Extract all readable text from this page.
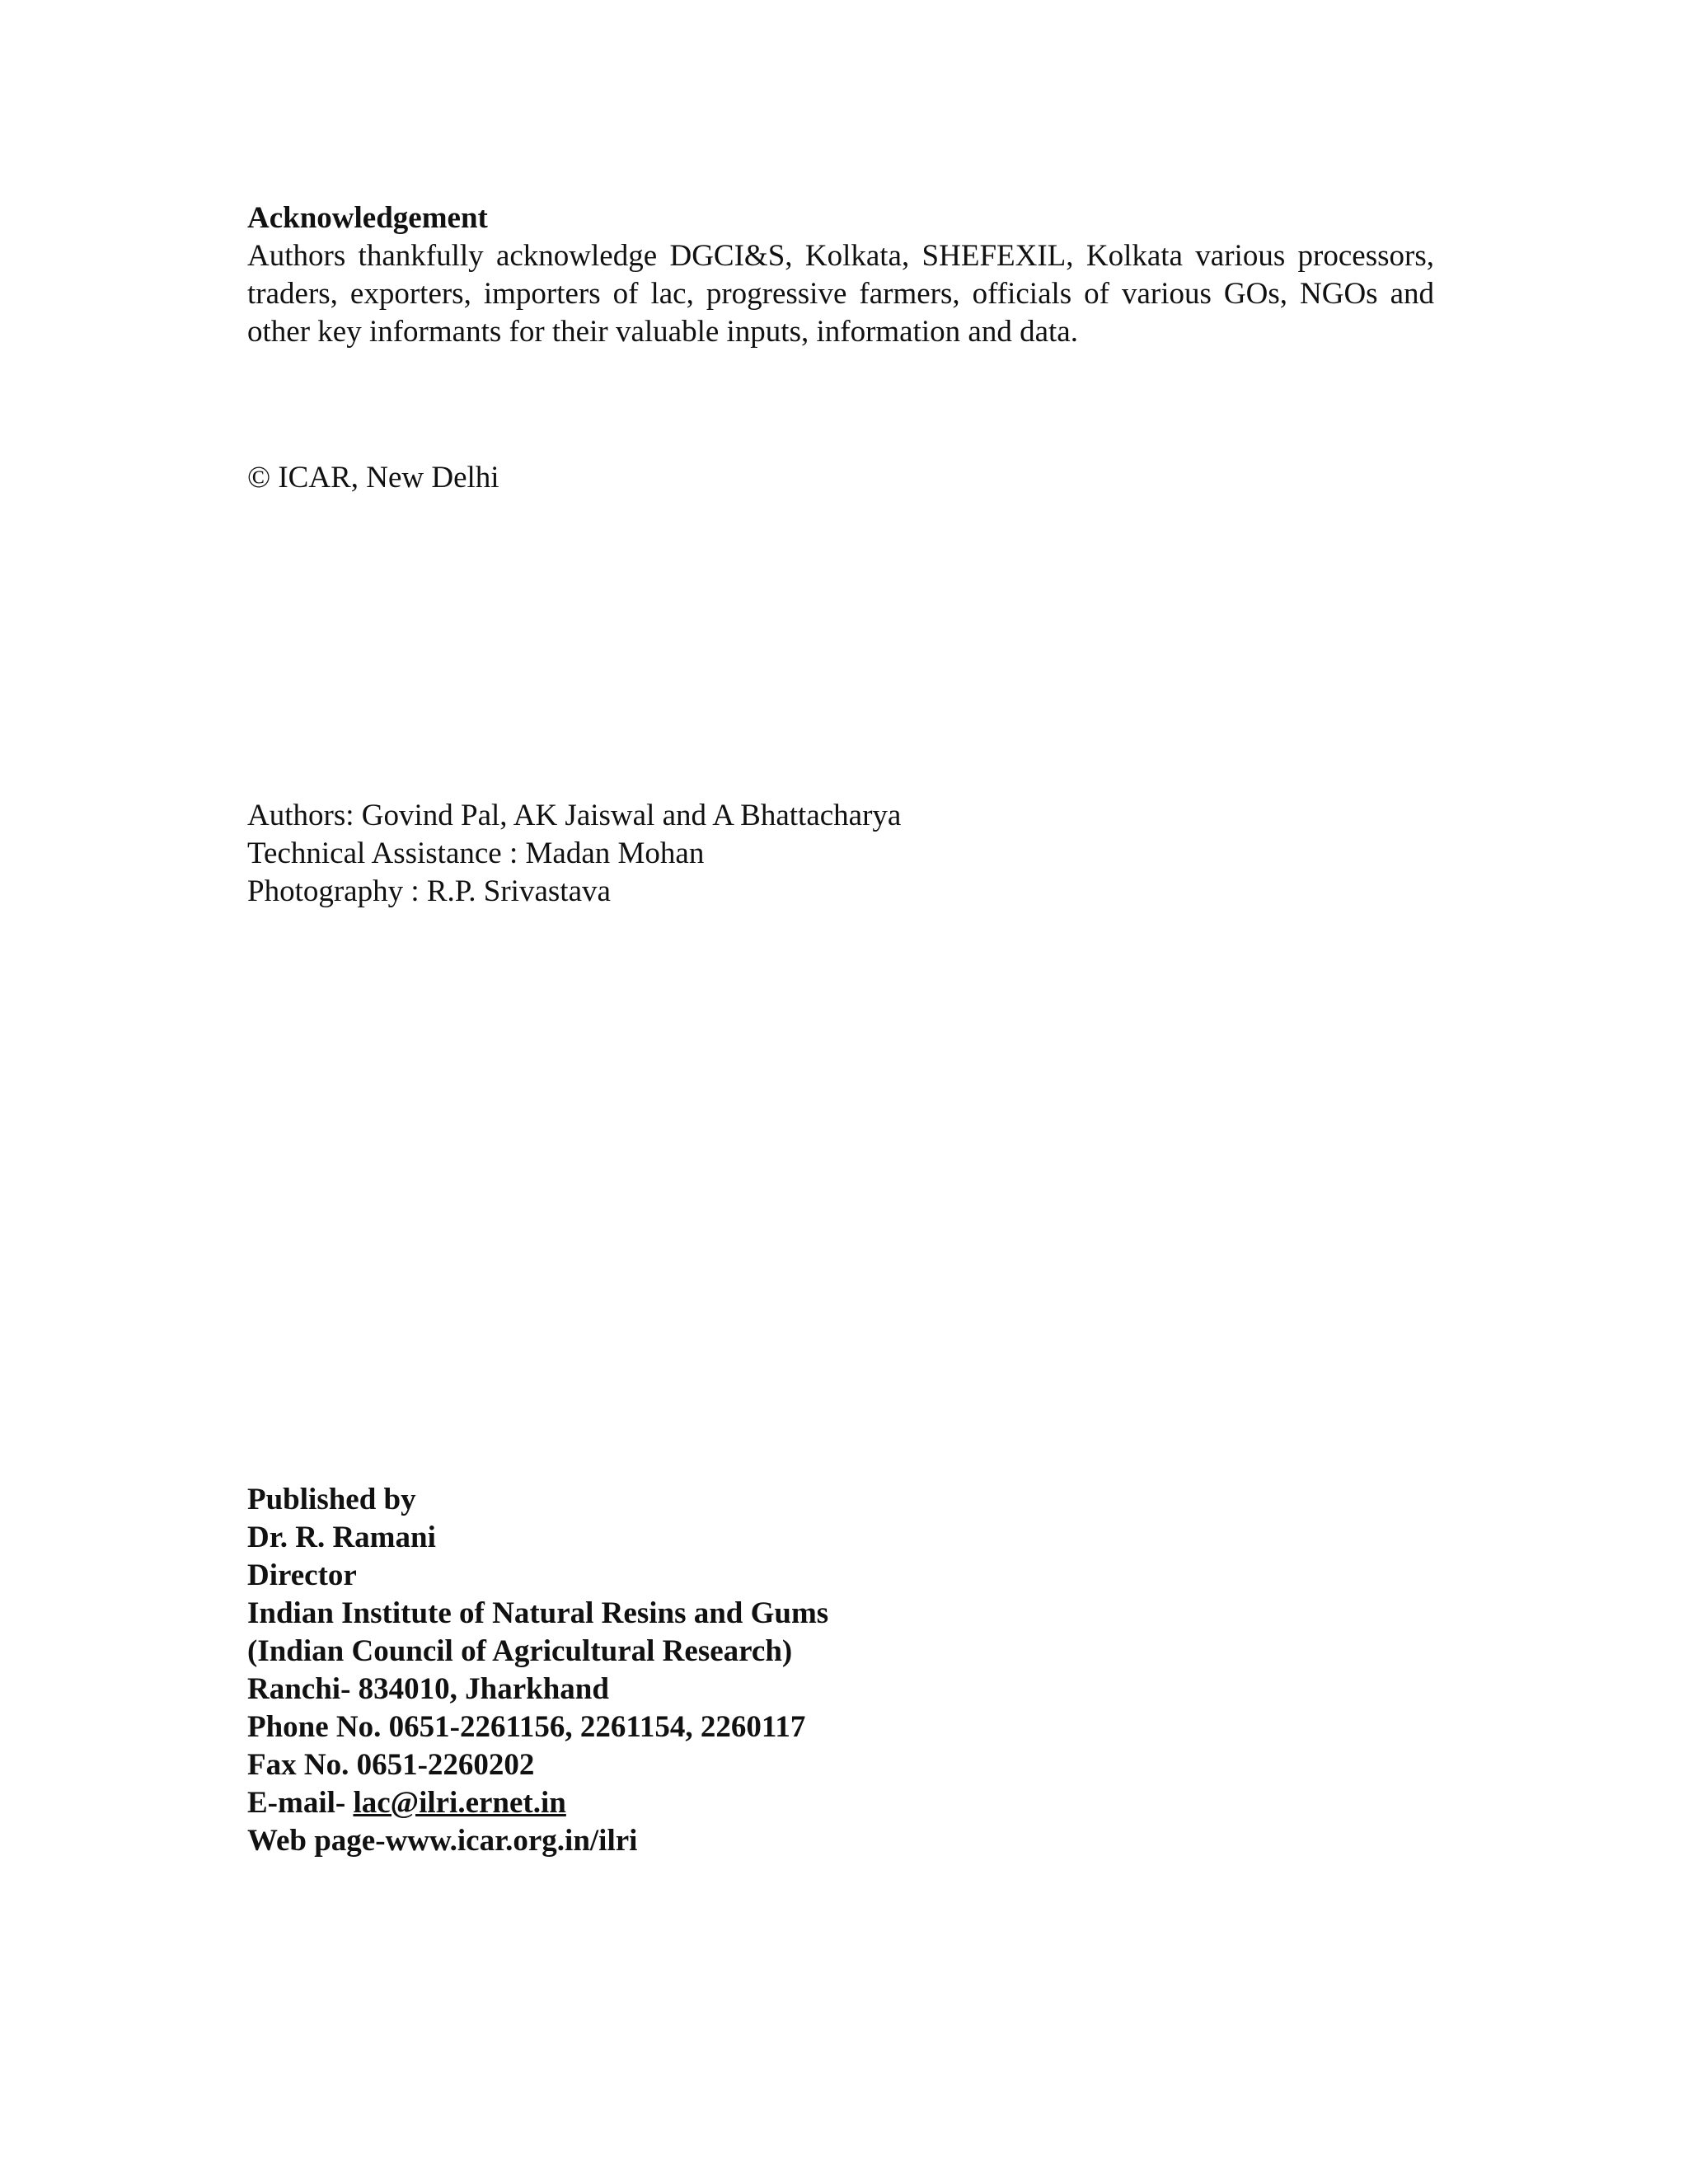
Acknowledgement

Authors thankfully acknowledge DGCI&S, Kolkata, SHEFEXIL, Kolkata various processors, traders, exporters, importers of lac, progressive farmers, officials of various GOs, NGOs and other key informants for their valuable inputs, information and data.

© ICAR, New Delhi
Authors: Govind Pal, AK Jaiswal and A Bhattacharya
Technical Assistance : Madan Mohan
Photography : R.P. Srivastava
Published by
Dr. R. Ramani
Director
Indian Institute of Natural Resins and Gums
(Indian Council of Agricultural Research)
Ranchi- 834010, Jharkhand
Phone No. 0651-2261156, 2261154, 2260117
Fax No. 0651-2260202
E-mail- lac@ilri.ernet.in
Web page-www.icar.org.in/ilri
